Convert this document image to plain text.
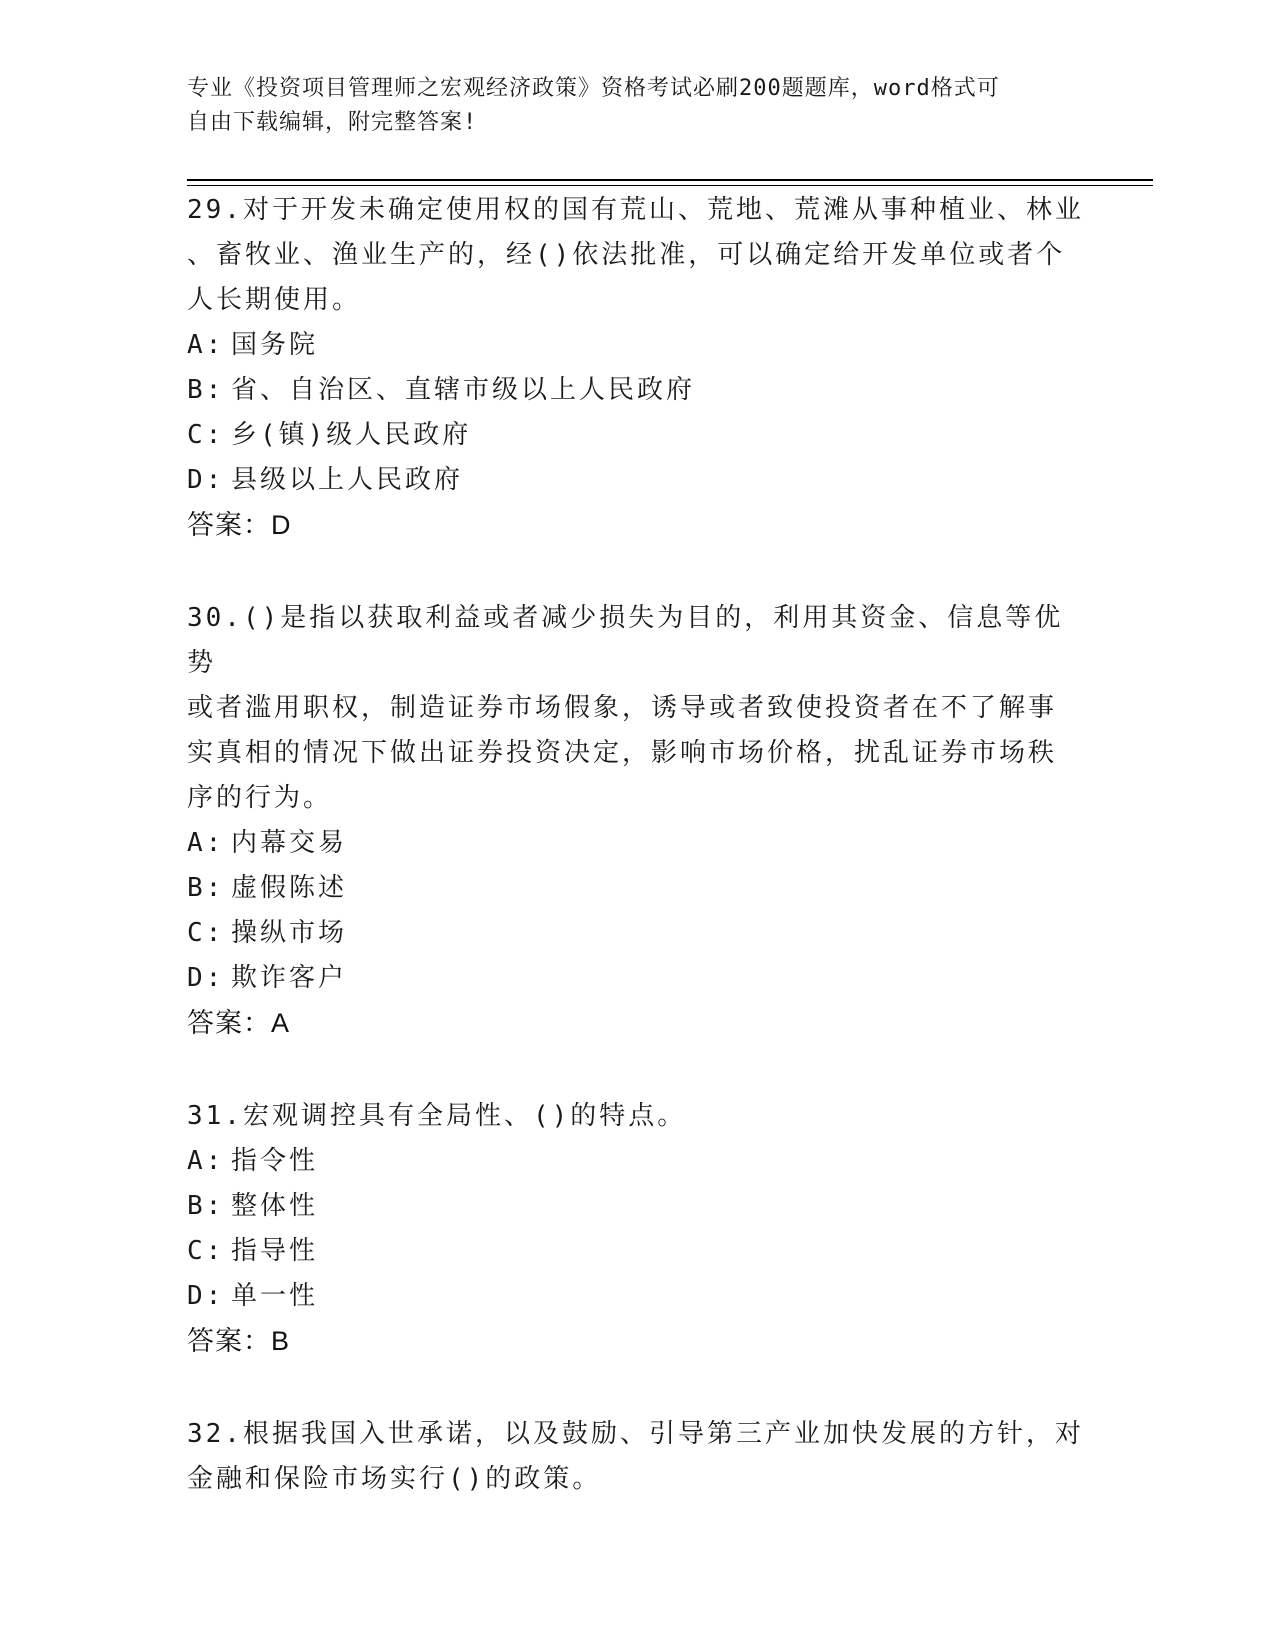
专业《投资项目管理师之宏观经济政策》资格考试必刷200题题库，word格式可
自由下载编辑，附完整答案!
29.对于开发未确定使用权的国有荒山、荒地、荒滩从事种植业、林业
、畜牧业、渔业生产的，经()依法批准，可以确定给开发单位或者个
人长期使用。
A: 国务院
B: 省、自治区、直辖市级以上人民政府
C: 乡(镇)级人民政府
D: 县级以上人民政府
答案：D
30.()是指以获取利益或者减少损失为目的，利用其资金、信息等优势
或者滥用职权，制造证券市场假象，诱导或者致使投资者在不了解事
实真相的情况下做出证券投资决定，影响市场价格，扰乱证券市场秩
序的行为。
A: 内幕交易
B: 虚假陈述
C: 操纵市场
D: 欺诈客户
答案：A
31.宏观调控具有全局性、()的特点。
A: 指令性
B: 整体性
C: 指导性
D: 单一性
答案：B
32.根据我国入世承诺，以及鼓励、引导第三产业加快发展的方针，对
金融和保险市场实行()的政策。
